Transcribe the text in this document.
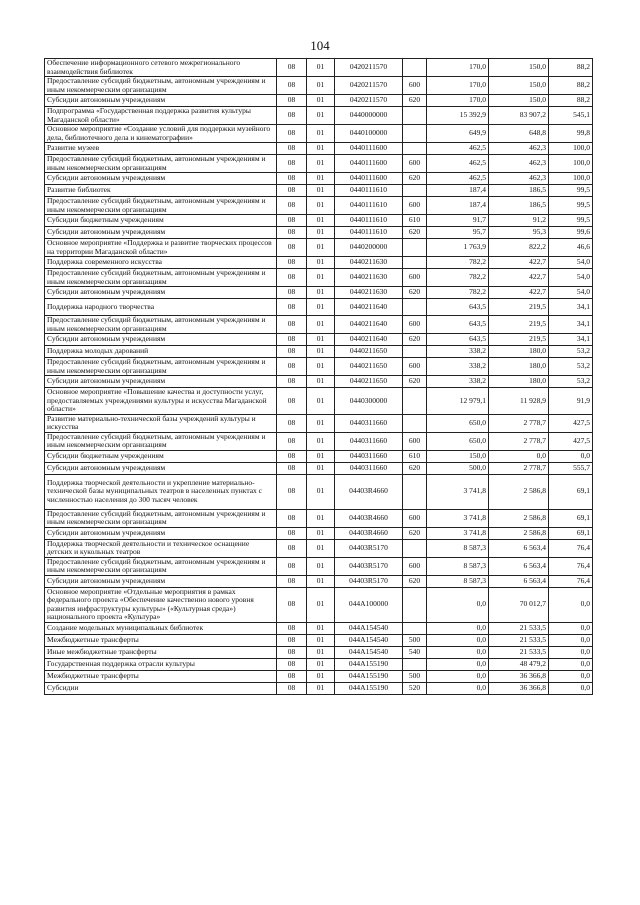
104
Обеспечение информационного сетевого межрегионального взаимодействия библиотек	08	01	0420211570		170,0	150,0	88,2
Предоставление субсидий бюджетным, автономным учреждениям и иным некоммерческим организациям	08	01	0420211570	600	170,0	150,0	88,2
Субсидии автономным учреждениям	08	01	0420211570	620	170,0	150,0	88,2
Подпрограмма «Государственная поддержка развития культуры Магаданской области»	08	01	0440000000		15 392,9	83 907,2	545,1
Основное мероприятие «Создание условий для поддержки музейного дела, библиотечного дела и кинематографии»	08	01	0440100000		649,9	648,8	99,8
Развитие музеев	08	01	0440111600		462,5	462,3	100,0
Предоставление субсидий бюджетным, автономным учреждениям и иным некоммерческим организациям	08	01	0440111600	600	462,5	462,3	100,0
Субсидии автономным учреждениям	08	01	0440111600	620	462,5	462,3	100,0
Развитие библиотек	08	01	0440111610		187,4	186,5	99,5
Предоставление субсидий бюджетным, автономным учреждениям и иным некоммерческим организациям	08	01	0440111610	600	187,4	186,5	99,5
Субсидии бюджетным учреждениям	08	01	0440111610	610	91,7	91,2	99,5
Субсидии автономным учреждениям	08	01	0440111610	620	95,7	95,3	99,6
Основное мероприятие «Поддержка и развитие творческих процессов на территории Магаданской области»	08	01	0440200000		1 763,9	822,2	46,6
Поддержка современного искусства	08	01	0440211630		782,2	422,7	54,0
Предоставление субсидий бюджетным, автономным учреждениям и иным некоммерческим организациям	08	01	0440211630	600	782,2	422,7	54,0
Субсидии автономным учреждениям	08	01	0440211630	620	782,2	422,7	54,0
Поддержка народного творчества	08	01	0440211640		643,5	219,5	34,1
Предоставление субсидий бюджетным, автономным учреждениям и иным некоммерческим организациям	08	01	0440211640	600	643,5	219,5	34,1
Субсидии автономным учреждениям	08	01	0440211640	620	643,5	219,5	34,1
Поддержка молодых дарований	08	01	0440211650		338,2	180,0	53,2
Предоставление субсидий бюджетным, автономным учреждениям и иным некоммерческим организациям	08	01	0440211650	600	338,2	180,0	53,2
Субсидии автономным учреждениям	08	01	0440211650	620	338,2	180,0	53,2
Основное мероприятие «Повышение качества и доступности услуг, предоставляемых учреждениями культуры и искусства Магаданской области»	08	01	0440300000		12 979,1	11 928,9	91,9
Развитие материально-технической базы учреждений культуры и искусства	08	01	0440311660		650,0	2 778,7	427,5
Предоставление субсидий бюджетным, автономным учреждениям и иным некоммерческим организациям	08	01	0440311660	600	650,0	2 778,7	427,5
Субсидии бюджетным учреждениям	08	01	0440311660	610	150,0	0,0	0,0
Субсидии автономным учреждениям	08	01	0440311660	620	500,0	2 778,7	555,7
Поддержка творческой деятельности и укрепление материально-технической базы муниципальных театров в населенных пунктах с численностью населения до 300 тысяч человек	08	01	04403R4660		3 741,8	2 586,8	69,1
Предоставление субсидий бюджетным, автономным учреждениям и иным некоммерческим организациям	08	01	04403R4660	600	3 741,8	2 586,8	69,1
Субсидии автономным учреждениям	08	01	04403R4660	620	3 741,8	2 586,8	69,1
Поддержка творческой деятельности и техническое оснащение детских и кукольных театров	08	01	04403R5170		8 587,3	6 563,4	76,4
Предоставление субсидий бюджетным, автономным учреждениям и иным некоммерческим организациям	08	01	04403R5170	600	8 587,3	6 563,4	76,4
Субсидии автономным учреждениям	08	01	04403R5170	620	8 587,3	6 563,4	76,4
Основное мероприятие «Отдельные мероприятия в рамках федерального проекта «Обеспечение качественно нового уровня развития инфраструктуры культуры» («Культурная среда») национального проекта «Культура»	08	01	044A100000		0,0	70 012,7	0,0
Создание модельных муниципальных библиотек	08	01	044A154540		0,0	21 533,5	0,0
Межбюджетные трансферты	08	01	044A154540	500	0,0	21 533,5	0,0
Иные межбюджетные трансферты	08	01	044A154540	540	0,0	21 533,5	0,0
Государственная поддержка отрасли культуры	08	01	044A155190		0,0	48 479,2	0,0
Межбюджетные трансферты	08	01	044A155190	500	0,0	36 366,8	0,0
Субсидии	08	01	044A155190	520	0,0	36 366,8	0,0
